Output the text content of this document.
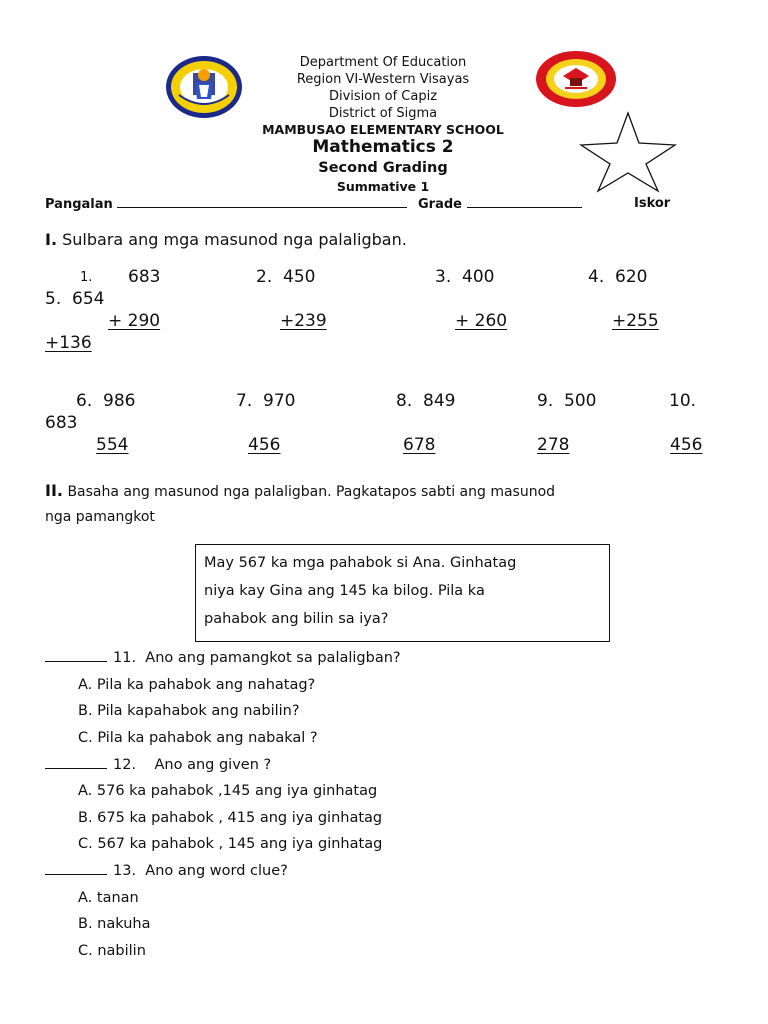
Department Of Education
Region VI-Western Visayas
Division of Capiz
District of Sigma
MAMBUSAO ELEMENTARY SCHOOL
Mathematics 2
Second Grading
Summative 1
Pangalan	Grade	Iskor
I. Sulbara ang mga masunod nga palaligban.
1. 683	2. 450	3. 400	4. 620
5. 654
+ 290	+239	+ 260	+255
+136
6. 986	7. 970	8. 849	9. 500	10.
683
554	456	678	278	456
II. Basaha ang masunod nga palaligban. Pagkatapos sabti ang masunod
nga pamangkot
May 567 ka mga pahabok si Ana. Ginhatag
niya kay Gina ang 145 ka bilog. Pila ka
pahabok ang bilin sa iya?
11. Ano ang pamangkot sa palaligban?
A. Pila ka pahabok ang nahatag?
B. Pila kapahabok ang nabilin?
C. Pila ka pahabok ang nabakal ?
12.    Ano ang given ?
A. 576 ka pahabok ,145 ang iya ginhatag
B. 675 ka pahabok , 415 ang iya ginhatag
C. 567 ka pahabok , 145 ang iya ginhatag
13. Ano ang word clue?
A. tanan
B. nakuha
C. nabilin
